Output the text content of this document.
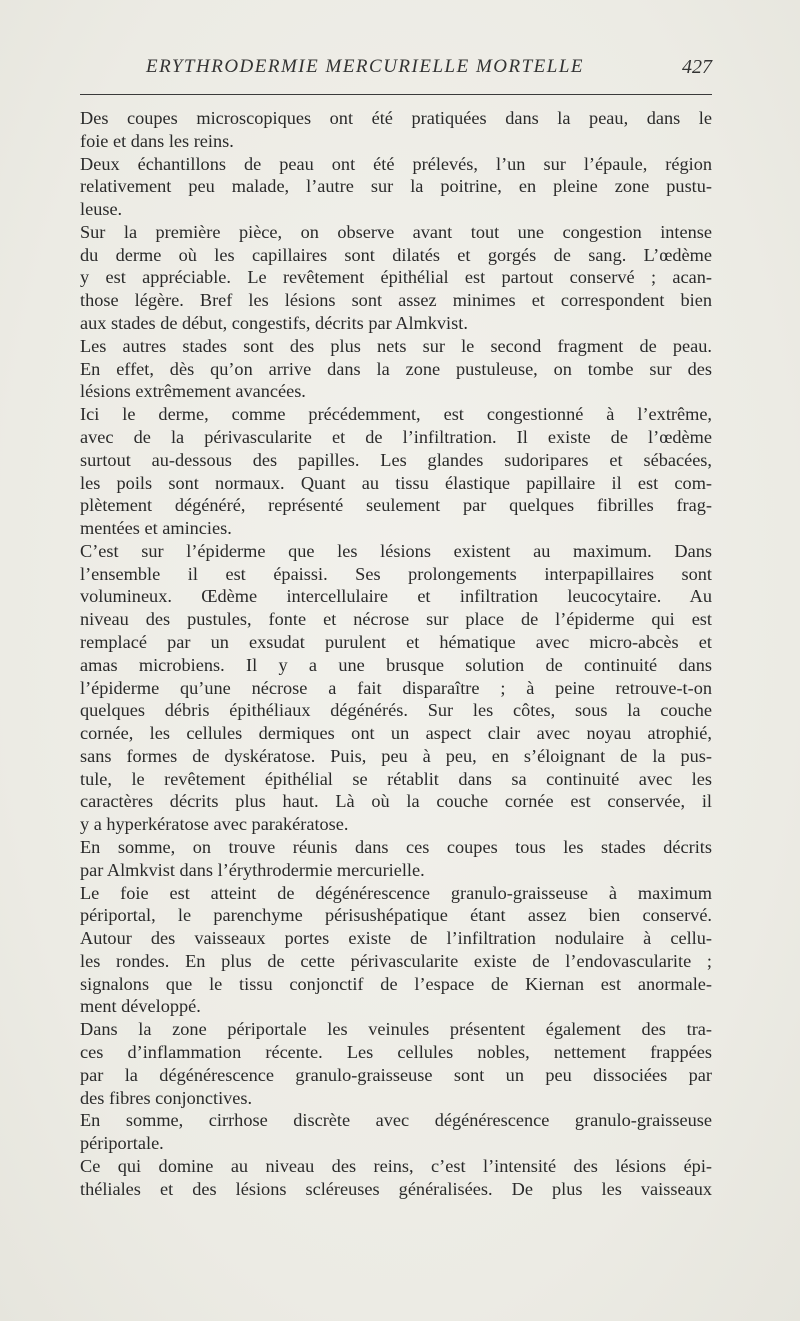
ERYTHRODERMIE MERCURIELLE MORTELLE	427
Des coupes microscopiques ont été pratiquées dans la peau, dans le
foie et dans les reins.
Deux échantillons de peau ont été prélevés, l’un sur l’épaule, région
relativement peu malade, l’autre sur la poitrine, en pleine zone pustu-
leuse.
Sur la première pièce, on observe avant tout une congestion intense
du derme où les capillaires sont dilatés et gorgés de sang. L’œdème
y est appréciable. Le revêtement épithélial est partout conservé ; acan-
those légère. Bref les lésions sont assez minimes et correspondent bien
aux stades de début, congestifs, décrits par Almkvist.
Les autres stades sont des plus nets sur le second fragment de peau.
En effet, dès qu’on arrive dans la zone pustuleuse, on tombe sur des
lésions extrêmement avancées.
Ici le derme, comme précédemment, est congestionné à l’extrême,
avec de la périvascularite et de l’infiltration. Il existe de l’œdème
surtout au-dessous des papilles. Les glandes sudoripares et sébacées,
les poils sont normaux. Quant au tissu élastique papillaire il est com-
plètement dégénéré, représenté seulement par quelques fibrilles frag-
mentées et amincies.
C’est sur l’épiderme que les lésions existent au maximum. Dans
l’ensemble il est épaissi. Ses prolongements interpapillaires sont
volumineux. Œdème intercellulaire et infiltration leucocytaire. Au
niveau des pustules, fonte et nécrose sur place de l’épiderme qui est
remplacé par un exsudat purulent et hématique avec micro-abcès et
amas microbiens. Il y a une brusque solution de continuité dans
l’épiderme qu’une nécrose a fait disparaître ; à peine retrouve-t-on
quelques débris épithéliaux dégénérés. Sur les côtes, sous la couche
cornée, les cellules dermiques ont un aspect clair avec noyau atrophié,
sans formes de dyskératose. Puis, peu à peu, en s’éloignant de la pus-
tule, le revêtement épithélial se rétablit dans sa continuité avec les
caractères décrits plus haut. Là où la couche cornée est conservée, il
y a hyperkératose avec parakératose.
En somme, on trouve réunis dans ces coupes tous les stades décrits
par Almkvist dans l’érythrodermie mercurielle.
Le foie est atteint de dégénérescence granulo-graisseuse à maximum
périportal, le parenchyme périsushépatique étant assez bien conservé.
Autour des vaisseaux portes existe de l’infiltration nodulaire à cellu-
les rondes. En plus de cette périvascularite existe de l’endovascularite ;
signalons que le tissu conjonctif de l’espace de Kiernan est anormale-
ment développé.
Dans la zone périportale les veinules présentent également des tra-
ces d’inflammation récente. Les cellules nobles, nettement frappées
par la dégénérescence granulo-graisseuse sont un peu dissociées par
des fibres conjonctives.
En somme, cirrhose discrète avec dégénérescence granulo-graisseuse
périportale.
Ce qui domine au niveau des reins, c’est l’intensité des lésions épi-
théliales et des lésions scléreuses généralisées. De plus les vaisseaux
